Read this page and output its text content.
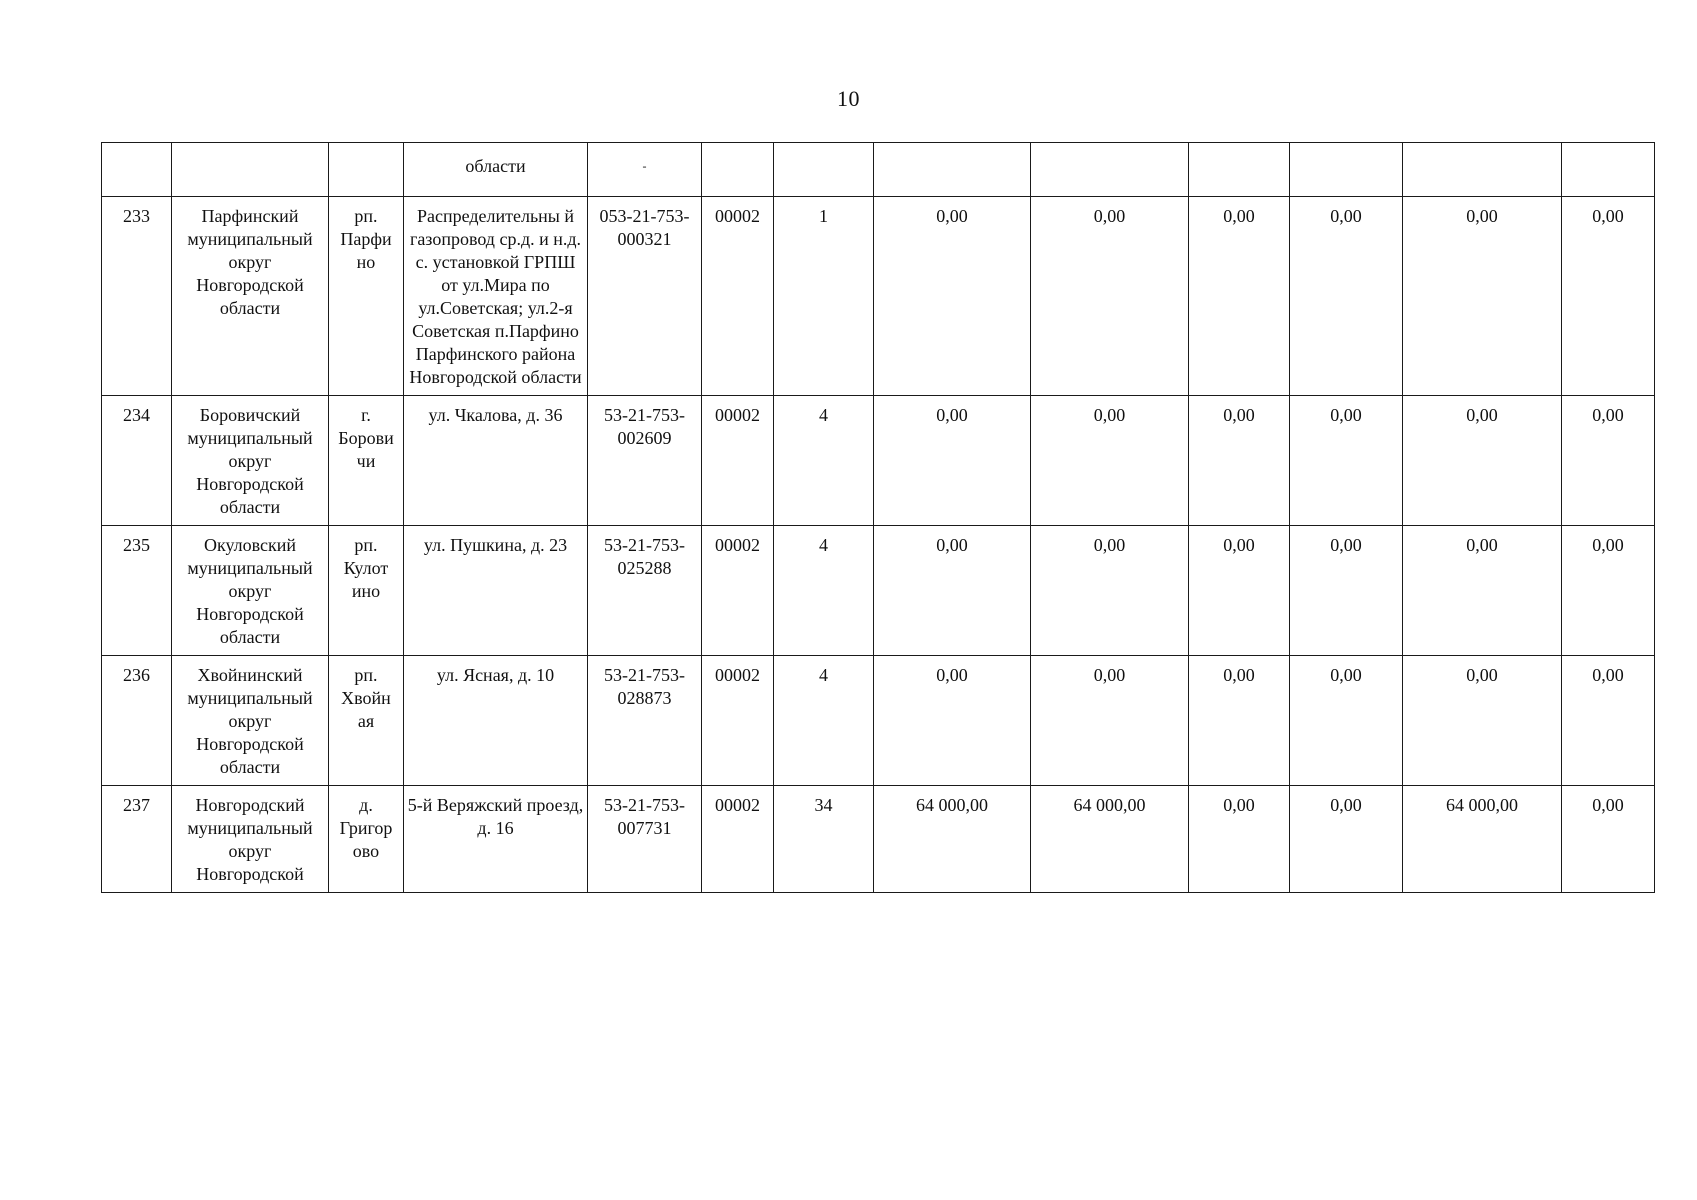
10
			области	-								
233	Парфинский муниципальный округ Новгородской области	рп. Парфи но	Распределительны й газопровод ср.д. и н.д. с. установкой ГРПШ от ул.Мира по ул.Советская; ул.2-я Советская п.Парфино Парфинского района Новгородской области	053-21-753- 000321	00002	1	0,00	0,00	0,00	0,00	0,00	0,00
234	Боровичский муниципальный округ Новгородской области	г. Борови чи	ул. Чкалова, д. 36	53-21-753- 002609	00002	4	0,00	0,00	0,00	0,00	0,00	0,00
235	Окуловский муниципальный округ Новгородской области	рп. Кулот ино	ул. Пушкина, д. 23	53-21-753- 025288	00002	4	0,00	0,00	0,00	0,00	0,00	0,00
236	Хвойнинский муниципальный округ Новгородской области	рп. Хвойн ая	ул. Ясная, д. 10	53-21-753- 028873	00002	4	0,00	0,00	0,00	0,00	0,00	0,00
237	Новгородский муниципальный округ Новгородской	д. Григор ово	5-й Веряжский проезд, д. 16	53-21-753- 007731	00002	34	64 000,00	64 000,00	0,00	0,00	64 000,00	0,00
